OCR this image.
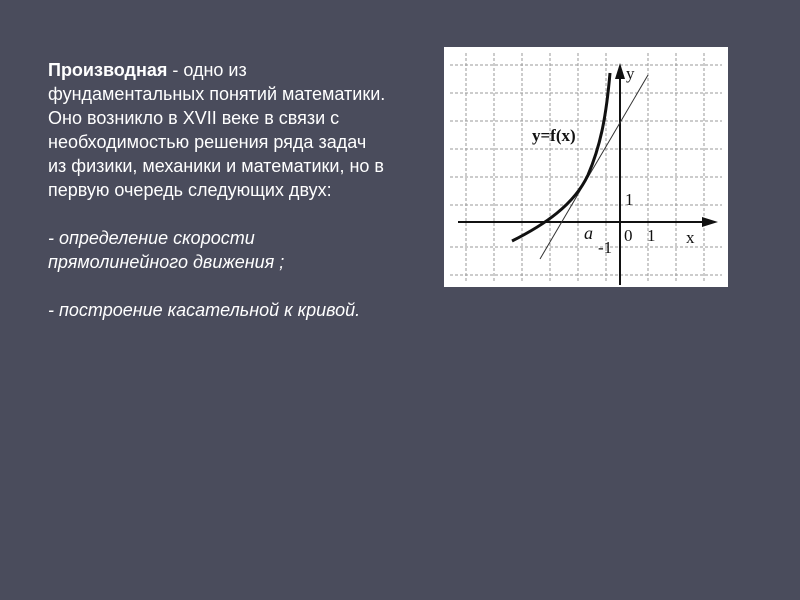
Производная - одно из фундаментальных понятий математики. Оно возникло в XVII веке в связи с необходимостью решения ряда задач из физики, механики и математики, но в первую очередь следующих двух:

- определение скорости прямолинейного движения ;

- построение касательной к кривой.

y
x
y=f(x)
0 1
1
-1
a
